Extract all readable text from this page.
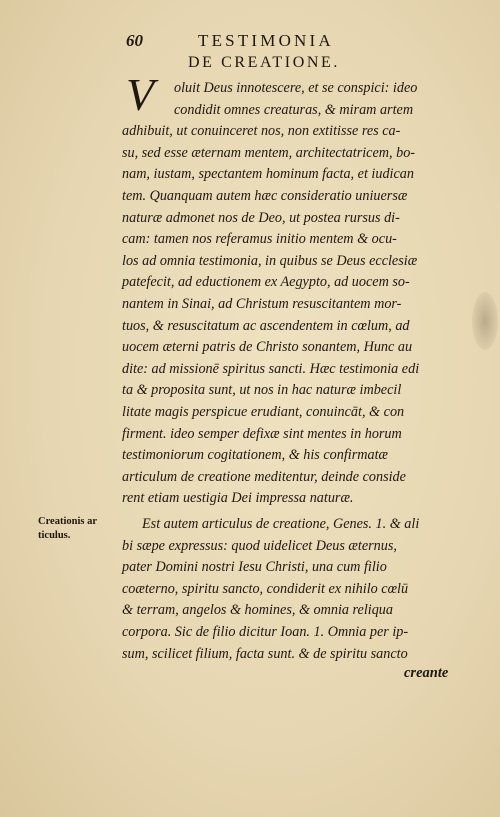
60	TESTIMONIA
DE CREATIONE.
V	oluit Deus innotescere, et se conspici: ideo
condidit omnes creaturas, & miram artem
adhibuit, ut conuinceret nos, non extitisse res ca-
su, sed esse æternam mentem, architectatricem, bo-
nam, iustam, spectantem hominum facta, et iudican
tem. Quanquam autem hæc consideratio uniuersæ
naturæ admonet nos de Deo, ut postea rursus di-
cam: tamen nos referamus initio mentem & ocu-
los ad omnia testimonia, in quibus se Deus ecclesiæ
patefecit, ad eductionem ex Aegypto, ad uocem so-
nantem in Sinai, ad Christum resuscitantem mor-
tuos, & resuscitatum ac ascendentem in cœlum, ad
uocem æterni patris de Christo sonantem, Hunc au
dite: ad missionē spiritus sancti. Hæc testimonia edi
ta & proposita sunt, ut nos in hac naturæ imbecil
litate magis perspicue erudiant, conuincāt, & con
firment. ideo semper defixæ sint mentes in horum
testimoniorum cogitationem, & his confirmatæ
articulum de creatione meditentur, deinde conside
rent etiam uestigia Dei impressa naturæ.
Creationis ar
ticulus.
Est autem articulus de creatione, Genes. 1. & ali
bi sæpe expressus: quod uidelicet Deus æternus,
pater Domini nostri Iesu Christi, una cum filio
coæterno, spiritu sancto, condiderit ex nihilo cœlū
& terram, angelos & homines, & omnia reliqua
corpora. Sic de filio dicitur Ioan. 1. Omnia per ip-
sum, scilicet filium, facta sunt. & de spiritu sancto
creante
